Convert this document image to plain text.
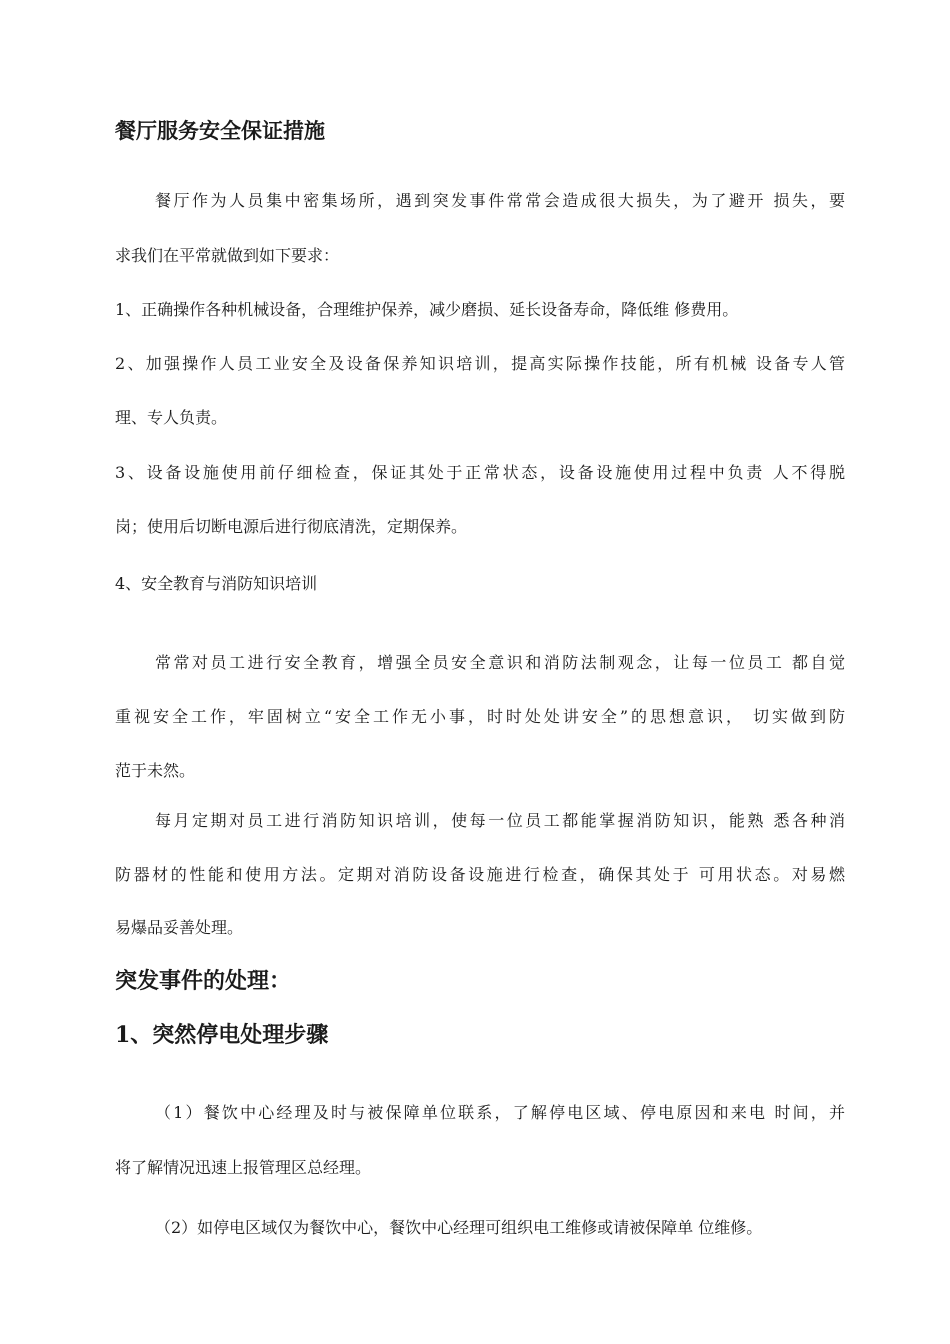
餐厅服务安全保证措施

餐厅作为人员集中密集场所，遇到突发事件常常会造成很大损失，为了避开 损失，要

求我们在平常就做到如下要求：

1、正确操作各种机械设备，合理维护保养，减少磨损、延长设备寿命，降低维 修费用。

2、加强操作人员工业安全及设备保养知识培训，提高实际操作技能，所有机械 设备专人管

理、专人负责。

3、设备设施使用前仔细检查，保证其处于正常状态，设备设施使用过程中负责 人不得脱

岗；使用后切断电源后进行彻底清洗，定期保养。

4、安全教育与消防知识培训

常常对员工进行安全教育，增强全员安全意识和消防法制观念，让每一位员工 都自觉

重视安全工作，牢固树立“安全工作无小事，时时处处讲安全”的思想意识， 切实做到防

范于未然。

每月定期对员工进行消防知识培训，使每一位员工都能掌握消防知识，能熟 悉各种消

防器材的性能和使用方法。定期对消防设备设施进行检查，确保其处于 可用状态。对易燃

易爆品妥善处理。

突发事件的处理：
1、突然停电处理步骤

（1）餐饮中心经理及时与被保障单位联系，了解停电区域、停电原因和来电 时间，并

将了解情况迅速上报管理区总经理。

（2）如停电区域仅为餐饮中心，餐饮中心经理可组织电工维修或请被保障单 位维修。
